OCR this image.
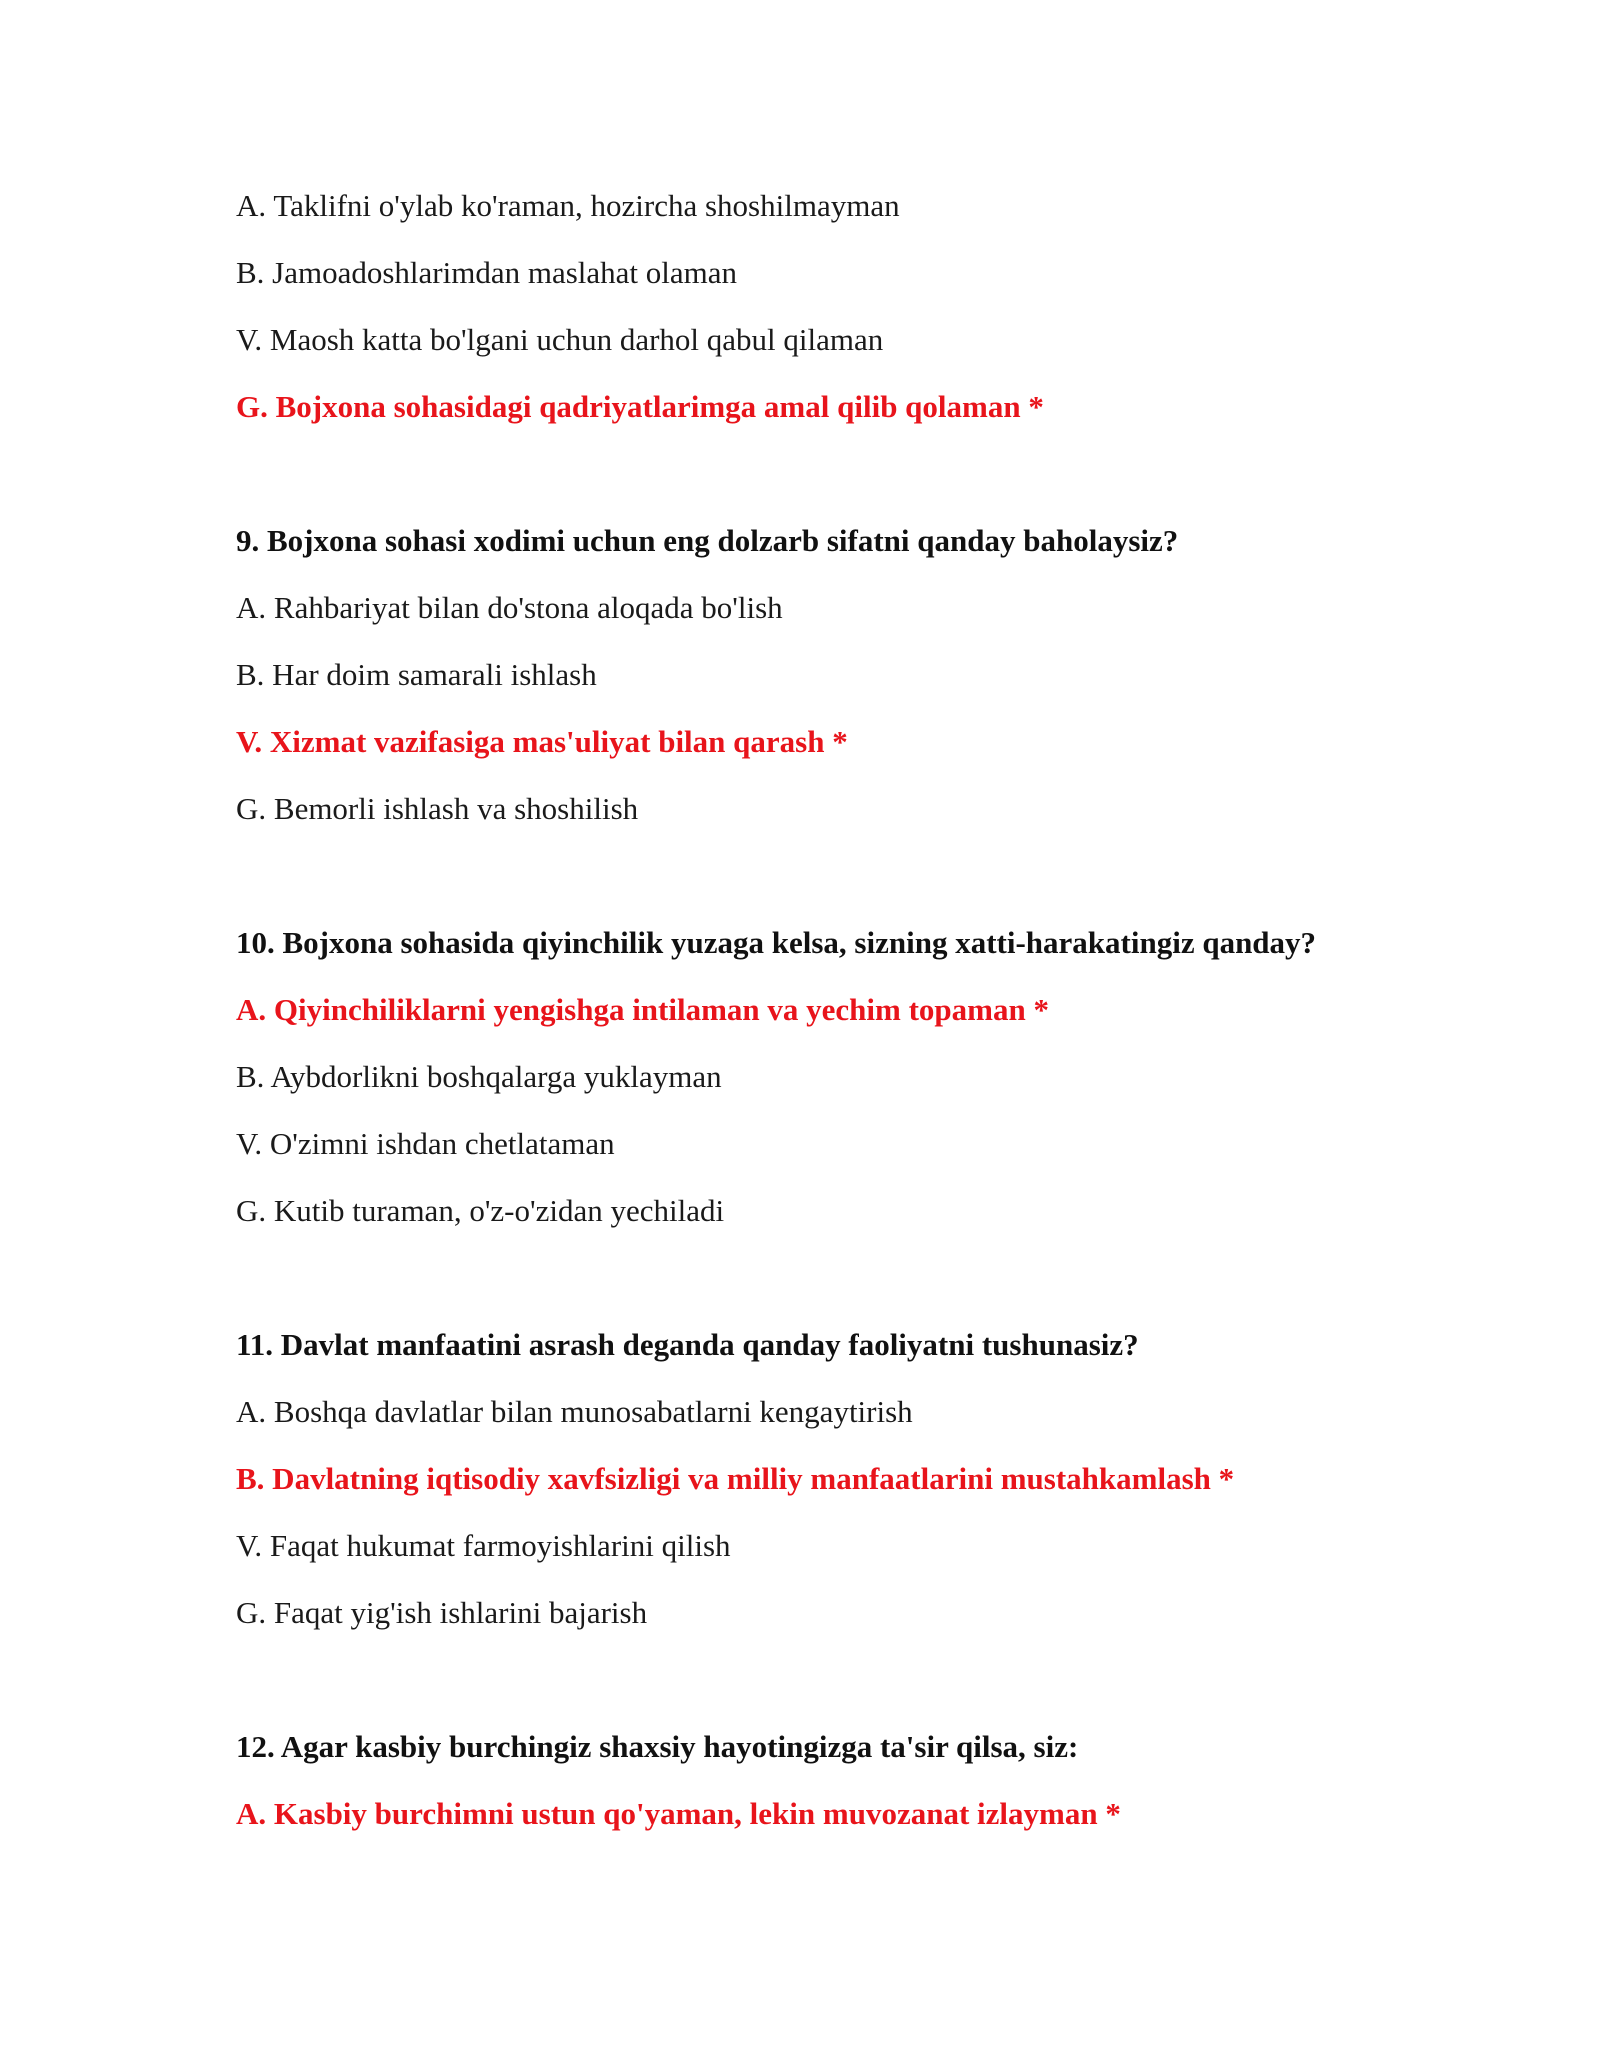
A. Taklifni o'ylab ko'raman, hozircha shoshilmayman
B. Jamoadoshlarimdan maslahat olaman
V. Maosh katta bo'lgani uchun darhol qabul qilaman
G. Bojxona sohasidagi qadriyatlarimga amal qilib qolaman *
9. Bojxona sohasi xodimi uchun eng dolzarb sifatni qanday baholaysiz?
A. Rahbariyat bilan do'stona aloqada bo'lish
B. Har doim samarali ishlash
V. Xizmat vazifasiga mas'uliyat bilan qarash *
G. Bemorli ishlash va shoshilish
10. Bojxona sohasida qiyinchilik yuzaga kelsa, sizning xatti-harakatingiz qanday?
A. Qiyinchiliklarni yengishga intilaman va yechim topaman *
B. Aybdorlikni boshqalarga yuklayman
V. O'zimni ishdan chetlataman
G. Kutib turaman, o'z-o'zidan yechiladi
11. Davlat manfaatini asrash deganda qanday faoliyatni tushunasiz?
A. Boshqa davlatlar bilan munosabatlarni kengaytirish
B. Davlatning iqtisodiy xavfsizligi va milliy manfaatlarini mustahkamlash *
V. Faqat hukumat farmoyishlarini qilish
G. Faqat yig'ish ishlarini bajarish
12. Agar kasbiy burchingiz shaxsiy hayotingizga ta'sir qilsa, siz:
A. Kasbiy burchimni ustun qo'yaman, lekin muvozanat izlayman *
